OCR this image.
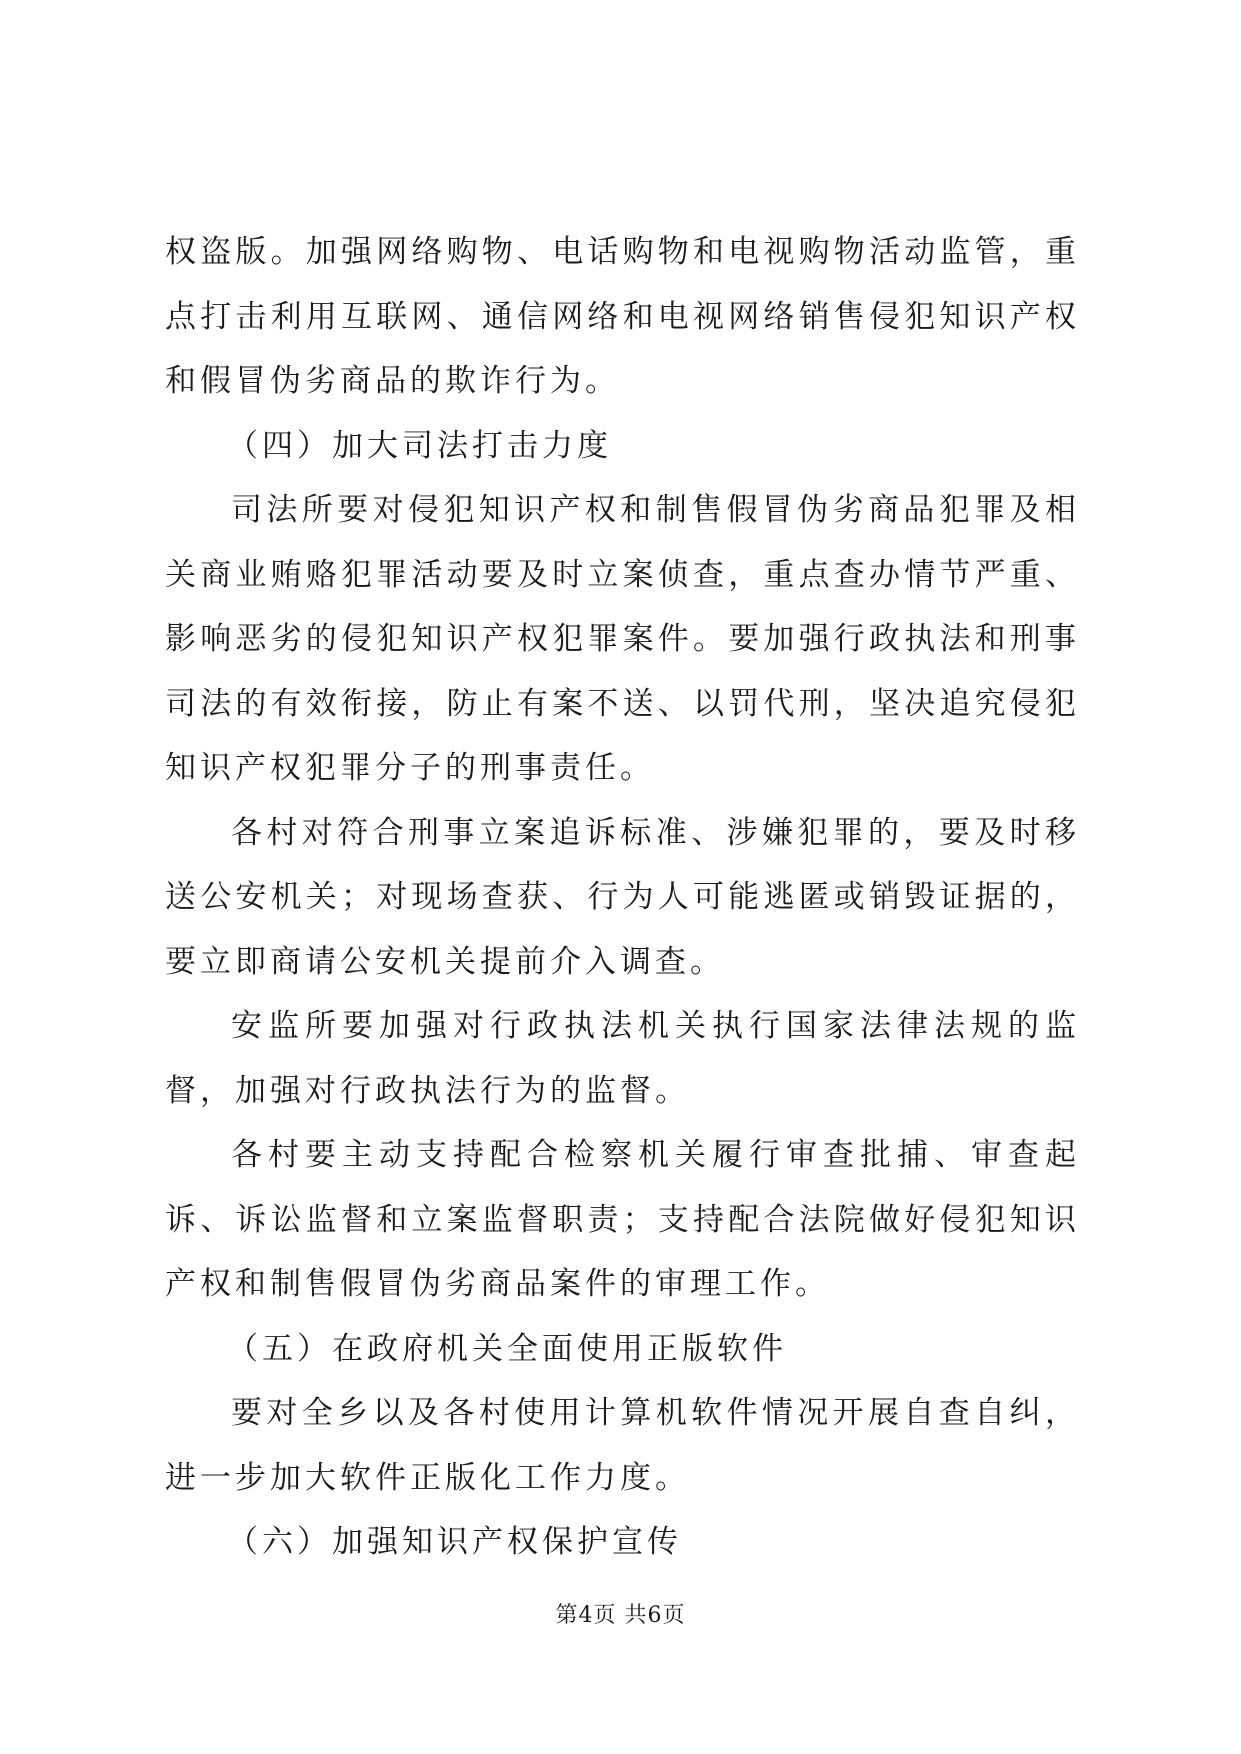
权盗版。加强网络购物、电话购物和电视购物活动监管，重点打击利用互联网、通信网络和电视网络销售侵犯知识产权和假冒伪劣商品的欺诈行为。

（四）加大司法打击力度

司法所要对侵犯知识产权和制售假冒伪劣商品犯罪及相关商业贿赂犯罪活动要及时立案侦查，重点查办情节严重、影响恶劣的侵犯知识产权犯罪案件。要加强行政执法和刑事司法的有效衔接，防止有案不送、以罚代刑，坚决追究侵犯知识产权犯罪分子的刑事责任。

各村对符合刑事立案追诉标准、涉嫌犯罪的，要及时移送公安机关；对现场查获、行为人可能逃匿或销毁证据的，要立即商请公安机关提前介入调查。

安监所要加强对行政执法机关执行国家法律法规的监督，加强对行政执法行为的监督。

各村要主动支持配合检察机关履行审查批捕、审查起诉、诉讼监督和立案监督职责；支持配合法院做好侵犯知识产权和制售假冒伪劣商品案件的审理工作。

（五）在政府机关全面使用正版软件

要对全乡以及各村使用计算机软件情况开展自查自纠，进一步加大软件正版化工作力度。

（六）加强知识产权保护宣传

第4页 共6页
